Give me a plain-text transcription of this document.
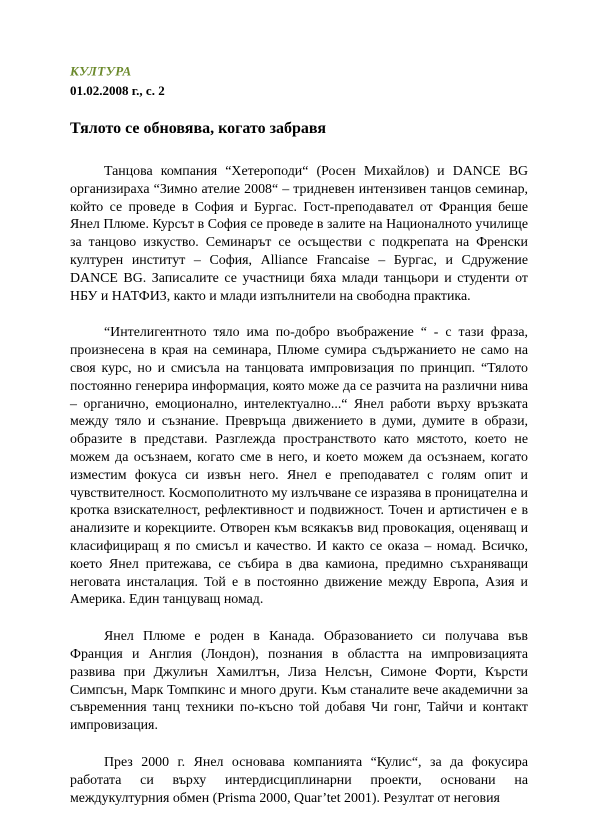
КУЛТУРА
01.02.2008 г., с. 2
Тялото се обновява, когато забравя

Танцова компания “Хетероподи“ (Росен Михайлов) и DANCE BG организираха “Зимно ателие 2008“ – тридневен интензивен танцов семинар, който се проведе в София и Бургас. Гост-преподавател от Франция беше Янел Плюме. Курсът в София се проведе в залите на Националното училище за танцово изкуство. Семинарът се осъществи с подкрепата на Френски културен институт – София, Alliance Francaise – Бургас, и Сдружение DANCE BG. Записалите се участници бяха млади танцьори и студенти от НБУ и НАТФИЗ, както и млади изпълнители на свободна практика.

“Интелигентното тяло има по-добро въображение “ - с тази фраза, произнесена в края на семинара, Плюме сумира съдържанието не само на своя курс, но и смисъла на танцовата импровизация по принцип. “Тялото постоянно генерира информация, която може да се разчита на различни нива – органично, емоционално, интелектуално...“ Янел работи върху връзката между тяло и съзнание. Превръща движението в думи, думите в образи, образите в представи. Разглежда пространството като мястото, което не можем да осъзнаем, когато сме в него, и което можем да осъзнаем, когато изместим фокуса си извън него. Янел е преподавател с голям опит и чувствителност. Космополитното му излъчване се изразява в проницателна и кротка взискателност, рефлективност и подвижност. Точен и артистичен е в анализите и корекциите. Отворен към всякакъв вид провокация, оценяващ и класифициращ я по смисъл и качество. И както се оказа – номад. Всичко, което Янел притежава, се събира в два камиона, предимно съхраняващи неговата инсталация. Той е в постоянно движение между Европа, Азия и Америка. Един танцуващ номад.

Янел Плюме е роден в Канада. Образованието си получава във Франция и Англия (Лондон), познания в областта на импровизацията развива при Джулиън Хамилтън, Лиза Нелсън, Симоне Форти, Кърсти Симпсън, Марк Томпкинс и много други. Към станалите вече академични за съвременния танц техники по-късно той добавя Чи гонг, Тайчи и контакт импровизация.

През 2000 г. Янел основава компанията “Кулис“, за да фокусира работата си върху интердисциплинарни проекти, основани на междукултурния обмен (Prisma 2000, Quar’tet 2001). Резултат от неговия
